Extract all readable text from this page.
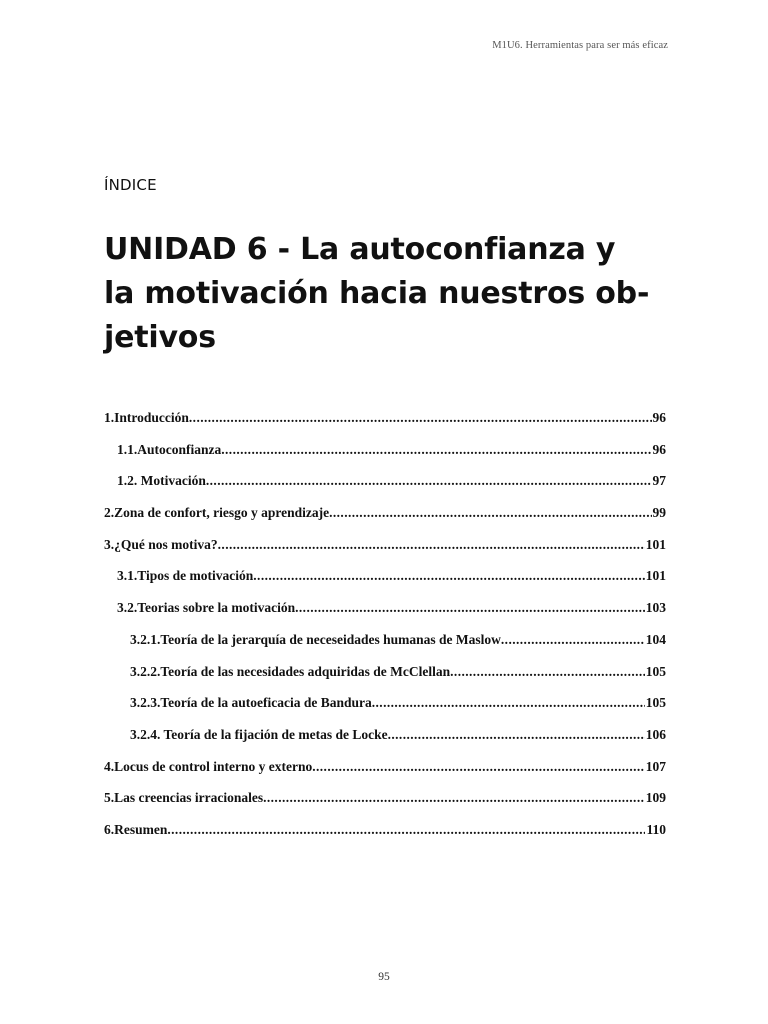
M1U6. Herramientas para ser más eficaz
ÍNDICE
UNIDAD 6 - La autoconfianza y
la motivación hacia nuestros ob-
jetivos
1.Introducción .....	96
1.1.Autoconfianza .....	96
1.2. Motivación .....	97
2.Zona de confort, riesgo y aprendizaje .....	99
3.¿Qué nos motiva? .....	101
3.1.Tipos de motivación .....	101
3.2.Teorias sobre la motivación .....	103
3.2.1.Teoría de la jerarquía de neceseidades humanas de Maslow .....	104
3.2.2.Teoría de las necesidades adquiridas de McClellan .....	105
3.2.3.Teoría de la autoeficacia de Bandura .....	105
3.2.4. Teoría de la fijación de metas de Locke .....	106
4.Locus de control interno y externo .....	107
5.Las creencias irracionales .....	109
6.Resumen .....	110
95
